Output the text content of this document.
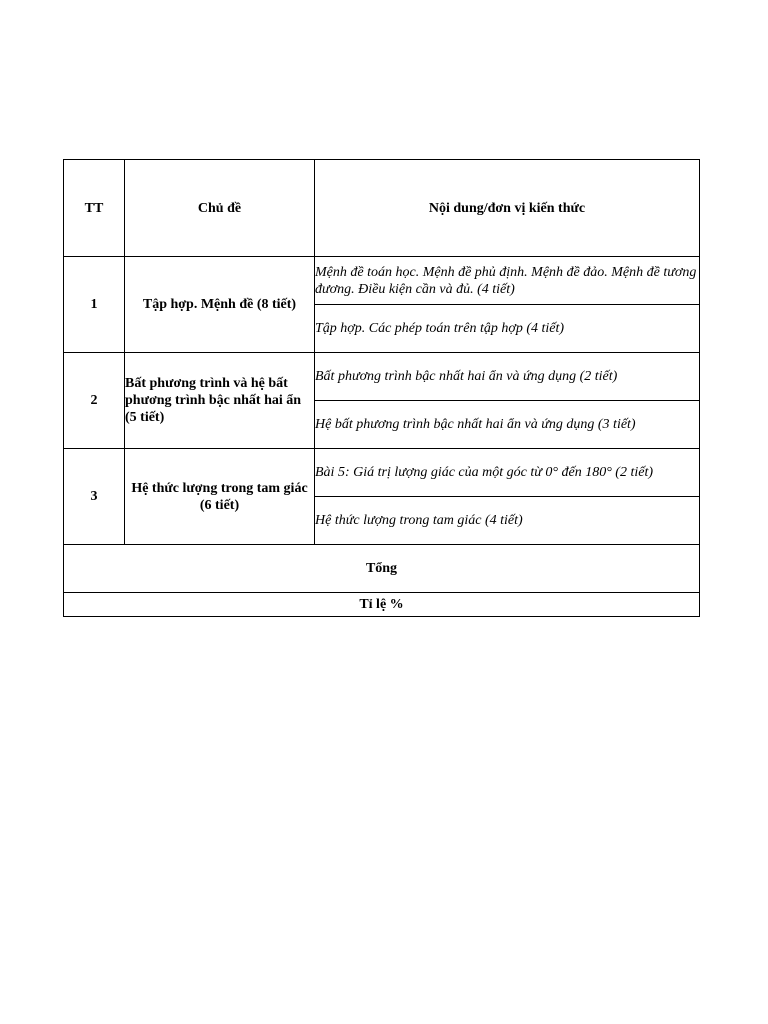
TT	Chủ đề	Nội dung/đơn vị kiến thức
1	Tập hợp. Mệnh đề (8 tiết)	Mệnh đề toán học. Mệnh đề phủ định. Mệnh đề đảo. Mệnh đề tương đương. Điều kiện cần và đủ. (4 tiết)
		Tập hợp. Các phép toán trên tập hợp (4 tiết)
2	Bất phương trình và hệ bất phương trình bậc nhất hai ẩn (5 tiết)	Bất phương trình bậc nhất hai ẩn và ứng dụng (2 tiết)
		Hệ bất phương trình bậc nhất hai ẩn và ứng dụng (3 tiết)
3	Hệ thức lượng trong tam giác (6 tiết)	Bài 5: Giá trị lượng giác của một góc từ 0° đến 180° (2 tiết)
		Hệ thức lượng trong tam giác (4 tiết)
Tổng		
Tỉ lệ %		
